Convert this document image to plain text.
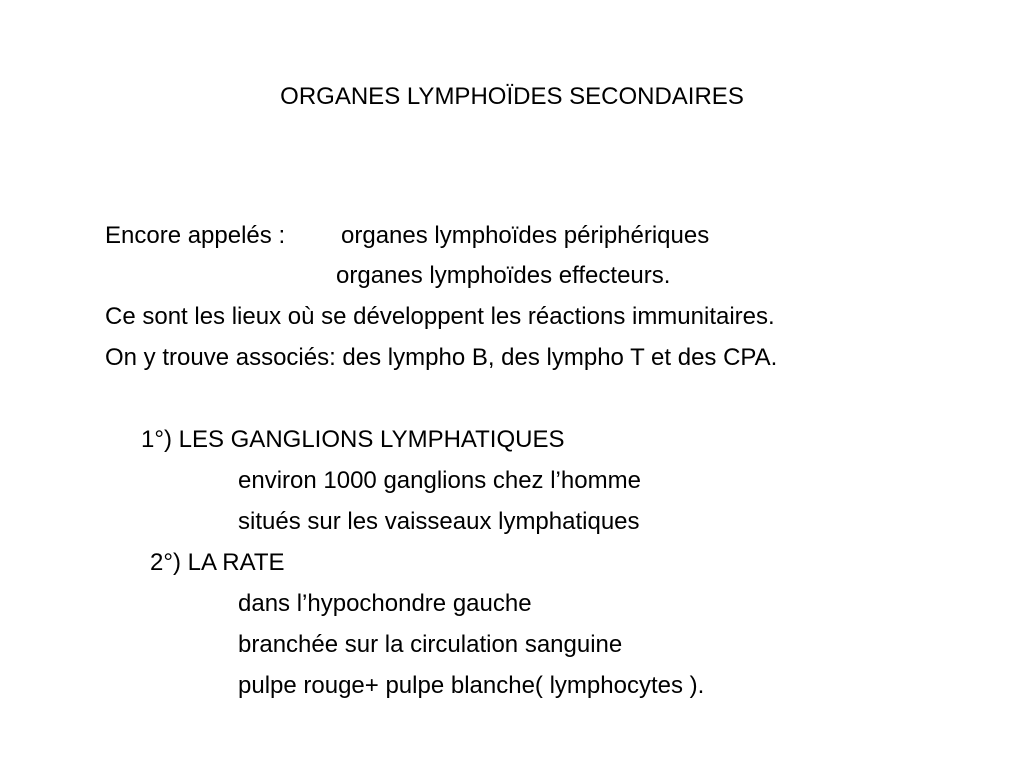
ORGANES LYMPHOÏDES SECONDAIRES
Encore appelés : organes lymphoïdes périphériques
organes lymphoïdes effecteurs.
Ce sont les lieux où se développent les réactions immunitaires.
On y trouve associés: des lympho B, des lympho T et des CPA.
1°) LES GANGLIONS LYMPHATIQUES
environ 1000 ganglions chez l’homme
situés sur les vaisseaux lymphatiques
2°) LA RATE
dans l’hypochondre gauche
branchée sur la circulation sanguine
pulpe rouge+ pulpe blanche( lymphocytes ).
